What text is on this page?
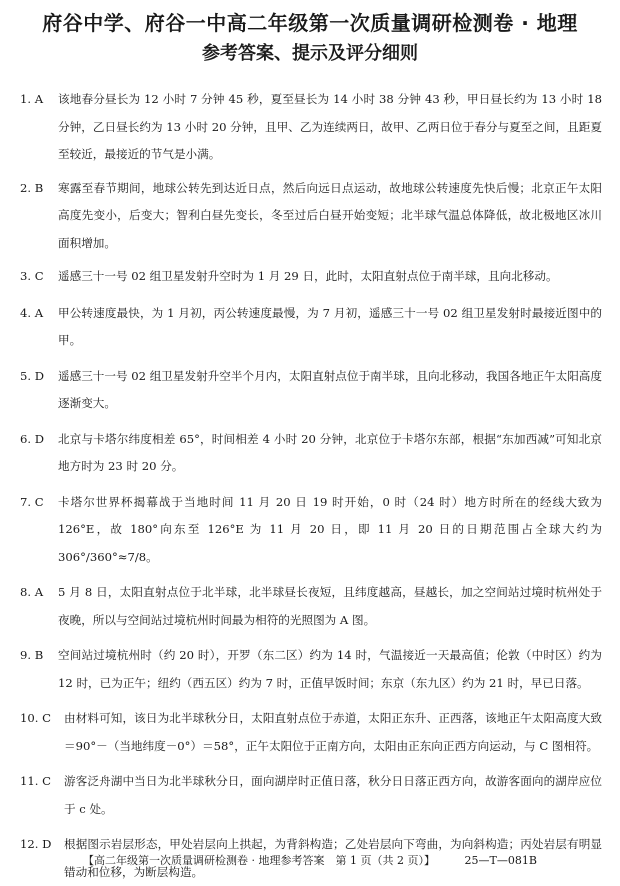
府谷中学、府谷一中高二年级第一次质量调研检测卷 · 地理
参考答案、提示及评分细则
1. A	该地春分昼长为 12 小时 7 分钟 45 秒，夏至昼长为 14 小时 38 分钟 43 秒，甲日昼长约为 13 小时 18 分钟，乙日昼长约为 13 小时 20 分钟，且甲、乙为连续两日，故甲、乙两日位于春分与夏至之间，且距夏至较近，最接近的节气是小满。
2. B	寒露至春节期间，地球公转先到达近日点，然后向远日点运动，故地球公转速度先快后慢；北京正午太阳高度先变小，后变大；智利白昼先变长，冬至过后白昼开始变短；北半球气温总体降低，故北极地区冰川面积增加。
3. C	遥感三十一号 02 组卫星发射升空时为 1 月 29 日，此时，太阳直射点位于南半球，且向北移动。
4. A	甲公转速度最快，为 1 月初，丙公转速度最慢，为 7 月初，遥感三十一号 02 组卫星发射时最接近图中的甲。
5. D	遥感三十一号 02 组卫星发射升空半个月内，太阳直射点位于南半球，且向北移动，我国各地正午太阳高度逐渐变大。
6. D	北京与卡塔尔纬度相差 65°，时间相差 4 小时 20 分钟，北京位于卡塔尔东部，根据“东加西减”可知北京地方时为 23 时 20 分。
7. C	卡塔尔世界杯揭幕战于当地时间 11 月 20 日 19 时开始，0 时（24 时）地方时所在的经线大致为 126°E，故 180°向东至 126°E 为 11 月 20 日，即 11 月 20 日的日期范围占全球大约为 306°/360°≈7/8。
8. A	5 月 8 日，太阳直射点位于北半球，北半球昼长夜短，且纬度越高，昼越长，加之空间站过境时杭州处于夜晚，所以与空间站过境杭州时间最为相符的光照图为 A 图。
9. B	空间站过境杭州时（约 20 时），开罗（东二区）约为 14 时，气温接近一天最高值；伦敦（中时区）约为 12 时，已为正午；纽约（西五区）约为 7 时，正值早饭时间；东京（东九区）约为 21 时，早已日落。
10. C	由材料可知，该日为北半球秋分日，太阳直射点位于赤道，太阳正东升、正西落，该地正午太阳高度大致＝90°－（当地纬度－0°）＝58°，正午太阳位于正南方向，太阳由正东向正西方向运动，与 C 图相符。
11. C	游客泛舟湖中当日为北半球秋分日，面向湖岸时正值日落，秋分日日落正西方向，故游客面向的湖岸应位于 c 处。
12. D	根据图示岩层形态，甲处岩层向上拱起，为背斜构造；乙处岩层向下弯曲，为向斜构造；丙处岩层有明显错动和位移，为断层构造。
【高二年级第一次质量调研检测卷 · 地理参考答案　第 1 页（共 2 页）】	25—T—081B
